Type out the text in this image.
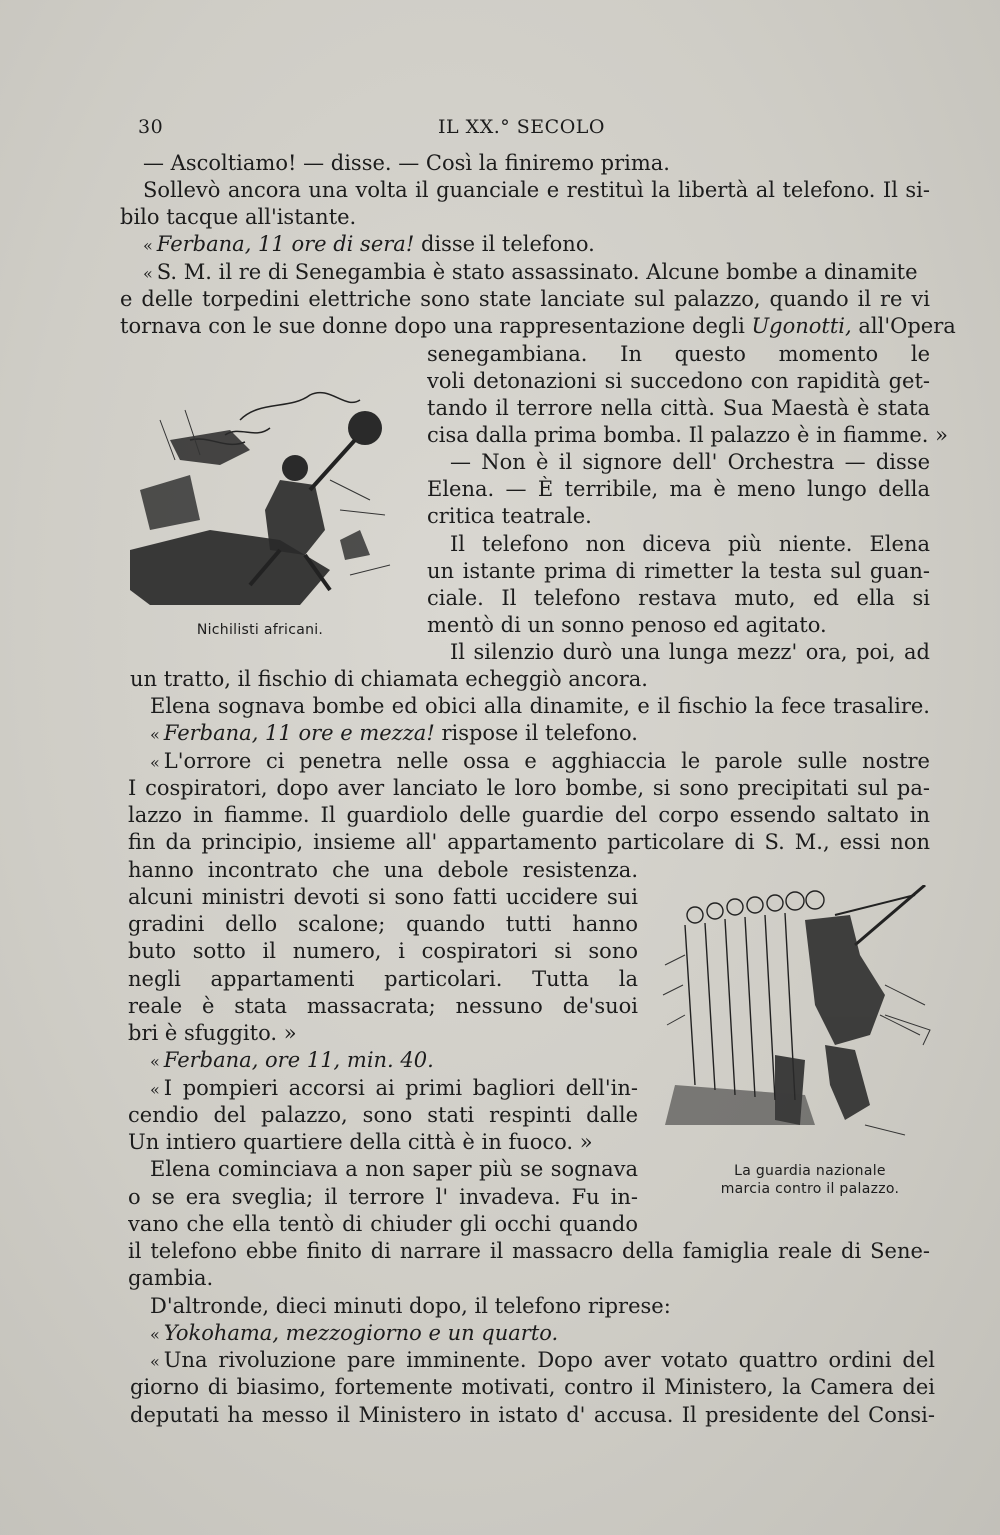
30	IL XX.° SECOLO
— Ascoltiamo! — disse. — Così la finiremo prima.
Sollevò ancora una volta il guanciale e restituì la libertà al telefono. Il si-
bilo tacque all'istante.
« Ferbana, 11 ore di sera! disse il telefono.
« S. M. il re di Senegambia è stato assassinato. Alcune bombe a dinamite
e delle torpedini elettriche sono state lanciate sul palazzo, quando il re vi
tornava con le sue donne dopo una rappresentazione degli Ugonotti, all'Opera
senegambiana. In questo momento le
voli detonazioni si succedono con rapidità get-
tando il terrore nella città. Sua Maestà è stata
cisa dalla prima bomba. Il palazzo è in fiamme. »
— Non è il signore dell' Orchestra — disse
Elena. — È terribile, ma è meno lungo della
critica teatrale.
Il telefono non diceva più niente. Elena
un istante prima di rimetter la testa sul guan-
ciale. Il telefono restava muto, ed ella si
mentò di un sonno penoso ed agitato.
Il silenzio durò una lunga mezz' ora, poi, ad
Nichilisti africani.
un tratto, il fischio di chiamata echeggiò ancora.
Elena sognava bombe ed obici alla dinamite, e il fischio la fece trasalire.
« Ferbana, 11 ore e mezza! rispose il telefono.
« L'orrore ci penetra nelle ossa e agghiaccia le parole sulle nostre
I cospiratori, dopo aver lanciato le loro bombe, si sono precipitati sul pa-
lazzo in fiamme. Il guardiolo delle guardie del corpo essendo saltato in
fin da principio, insieme all' appartamento particolare di S. M., essi non
hanno incontrato che una debole resistenza.
alcuni ministri devoti si sono fatti uccidere sui
gradini dello scalone; quando tutti hanno
buto sotto il numero, i cospiratori si sono
negli appartamenti particolari. Tutta la
reale è stata massacrata; nessuno de'suoi
bri è sfuggito. »
« Ferbana, ore 11, min. 40.
« I pompieri accorsi ai primi bagliori dell'in-
cendio del palazzo, sono stati respinti dalle
Un intiero quartiere della città è in fuoco. »
Elena cominciava a non saper più se sognava
o se era sveglia; il terrore l' invadeva. Fu in-
vano che ella tentò di chiuder gli occhi quando
La guardia nazionale
marcia contro il palazzo.
il telefono ebbe finito di narrare il massacro della famiglia reale di Sene-
gambia.
D'altronde, dieci minuti dopo, il telefono riprese:
« Yokohama, mezzogiorno e un quarto.
« Una rivoluzione pare imminente. Dopo aver votato quattro ordini del
giorno di biasimo, fortemente motivati, contro il Ministero, la Camera dei
deputati ha messo il Ministero in istato d' accusa. Il presidente del Consi-
